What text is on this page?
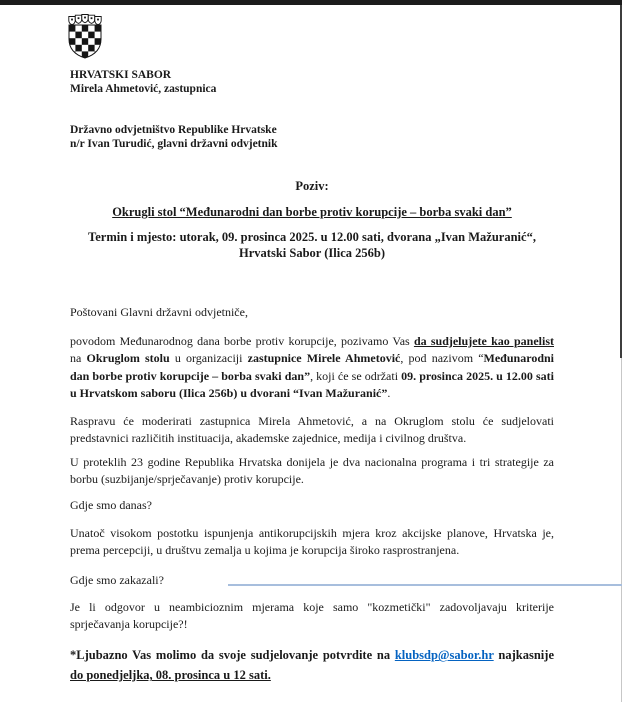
HRVATSKI SABOR
Mirela Ahmetović, zastupnica
Državno odvjetništvo Republike Hrvatske
n/r Ivan Turudić, glavni državni odvjetnik
Poziv:
Okrugli stol “Međunarodni dan borbe protiv korupcije – borba svaki dan”
Termin i mjesto: utorak, 09. prosinca 2025. u 12.00 sati, dvorana „Ivan Mažuranić“,
Hrvatski Sabor (Ilica 256b)
Poštovani Glavni državni odvjetniče,
povodom Međunarodnog dana borbe protiv korupcije, pozivamo Vas da sudjelujete kao panelist na Okruglom stolu u organizaciji zastupnice Mirele Ahmetović, pod nazivom “Međunarodni dan borbe protiv korupcije – borba svaki dan”, koji će se održati 09. prosinca 2025. u 12.00 sati u Hrvatskom saboru (Ilica 256b) u dvorani “Ivan Mažuranić”.
Raspravu će moderirati zastupnica Mirela Ahmetović, a na Okruglom stolu će sudjelovati predstavnici različitih instituacija, akademske zajednice, medija i civilnog društva.
U proteklih 23 godine Republika Hrvatska donijela je dva nacionalna programa i tri strategije za borbu (suzbijanje/sprječavanje) protiv korupcije.
Gdje smo danas?
Unatoč visokom postotku ispunjenja antikorupcijskih mjera kroz akcijske planove, Hrvatska je, prema percepciji, u društvu zemalja u kojima je korupcija široko rasprostranjena.
Gdje smo zakazali?
Je li odgovor u neambicioznim mjerama koje samo "kozmetički" zadovoljavaju kriterije sprječavanja korupcije?!
*Ljubazno Vas molimo da svoje sudjelovanje potvrdite na klubsdp@sabor.hr najkasnije do ponedjeljka, 08. prosinca u 12 sati.
